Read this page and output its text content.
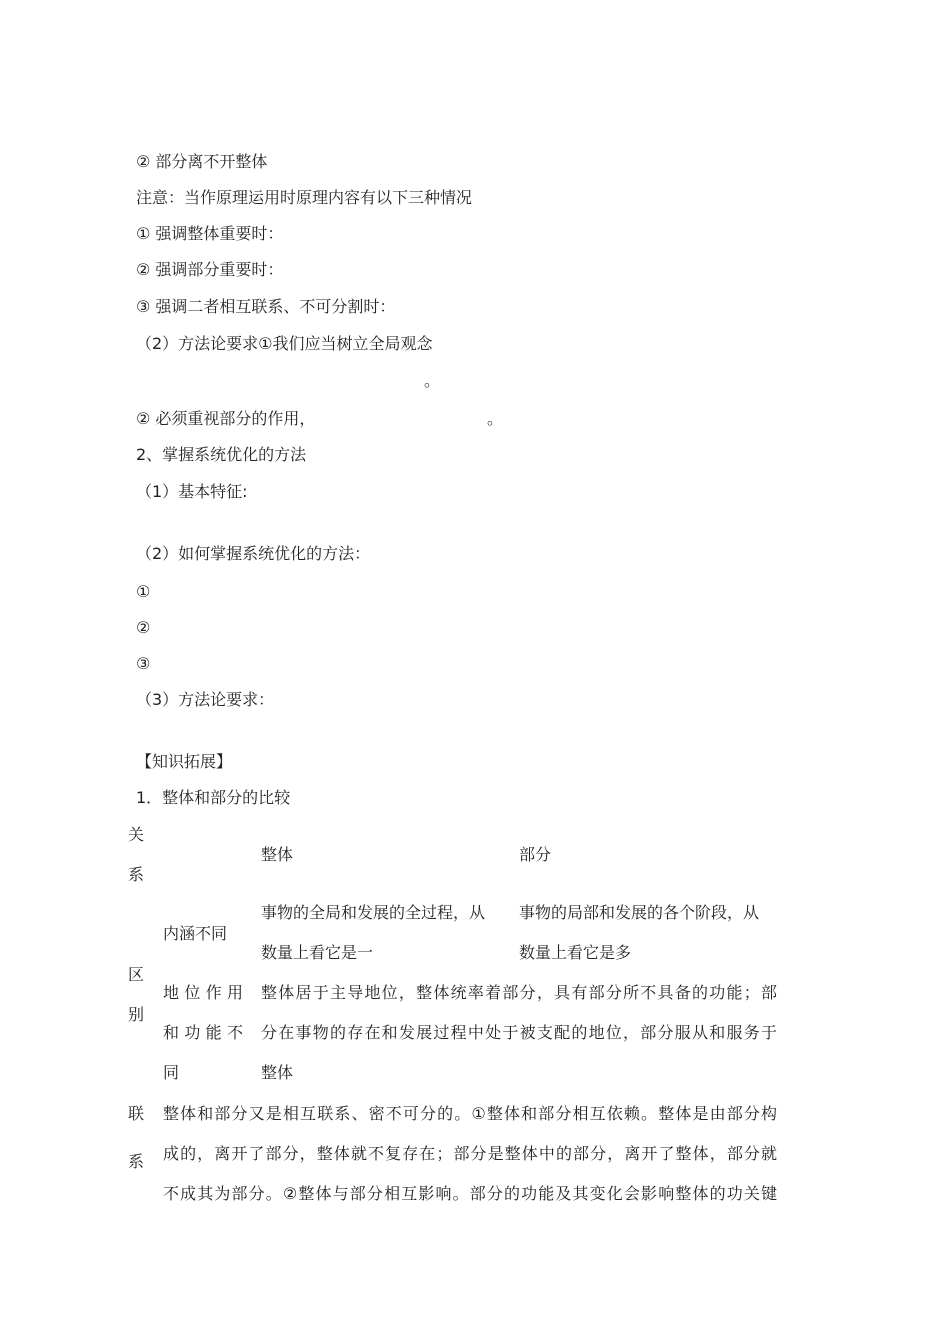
② 部分离不开整体
注意：当作原理运用时原理内容有以下三种情况
① 强调整体重要时：
② 强调部分重要时：
③ 强调二者相互联系、不可分割时：
（2）方法论要求①我们应当树立全局观念
。
② 必须重视部分的作用，	。
2、掌握系统优化的方法
（1）基本特征:
（2）如何掌握系统优化的方法：
①
②
③
（3）方法论要求：
【知识拓展】
1．整体和部分的比较
关
系
整体	部分
区
别
内涵不同
事物的全局和发展的全过程，从
数量上看它是一
事物的局部和发展的各个阶段，从
数量上看它是多
地 位 作 用
和 功 能 不
同
整体居于主导地位，整体统率着部分，具有部分所不具备的功能；部
分在事物的存在和发展过程中处于被支配的地位，部分服从和服务于
整体
联
系
整体和部分又是相互联系、密不可分的。①整体和部分相互依赖。整体是由部分构
成的，离开了部分，整体就不复存在；部分是整体中的部分，离开了整体，部分就
不成其为部分。②整体与部分相互影响。部分的功能及其变化会影响整体的功关键
